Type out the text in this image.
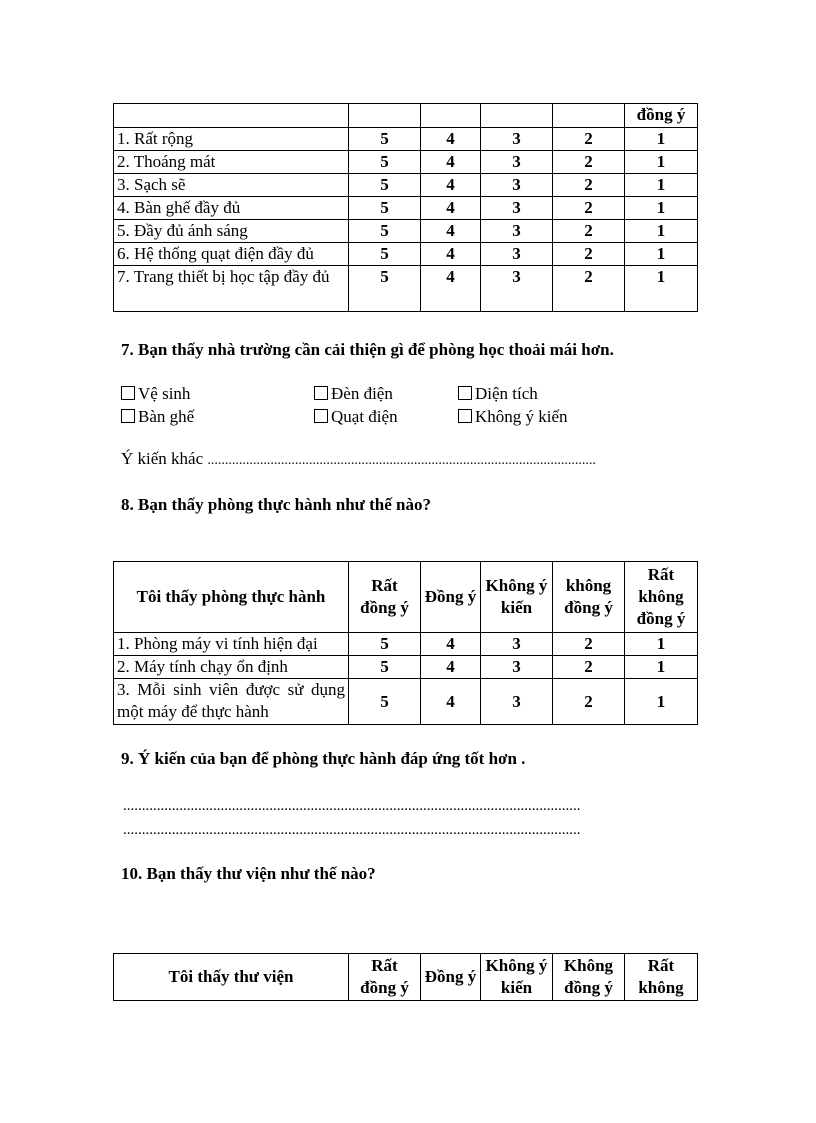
					đồng ý
1. Rất rộng	5	4	3	2	1
2. Thoáng mát	5	4	3	2	1
3. Sạch sẽ	5	4	3	2	1
4. Bàn ghế đầy đủ	5	4	3	2	1
5. Đầy đủ ánh sáng	5	4	3	2	1
6. Hệ thống quạt điện đầy đủ	5	4	3	2	1
7. Trang thiết bị học tập đầy đủ	5	4	3	2	1

7. Bạn thấy nhà trường cần cải thiện gì để phòng học thoải mái hơn.

Vệ sinh	Đèn điện	Diện tích
Bàn ghế	Quạt điện	Không ý kiến
Ý kiến khác ...............................................................................................................

8. Bạn thấy phòng thực hành như thế nào?

Tôi thấy phòng thực hành	Rất đồng ý	Đồng ý	Không ý kiến	không đồng ý	Rất không đồng ý
1. Phòng máy vi tính hiện đại	5	4	3	2	1
2. Máy tính chạy ổn định	5	4	3	2	1
3. Mỗi sinh viên được sử dụng một máy để thực hành	5	4	3	2	1

9. Ý kiến của bạn để phòng thực hành đáp ứng tốt hơn .

..........................................................................................................................
..........................................................................................................................

10. Bạn thấy thư viện như thế nào?

Tôi thấy thư viện	Rất đồng ý	Đồng ý	Không ý kiến	Không đồng ý	Rất không
